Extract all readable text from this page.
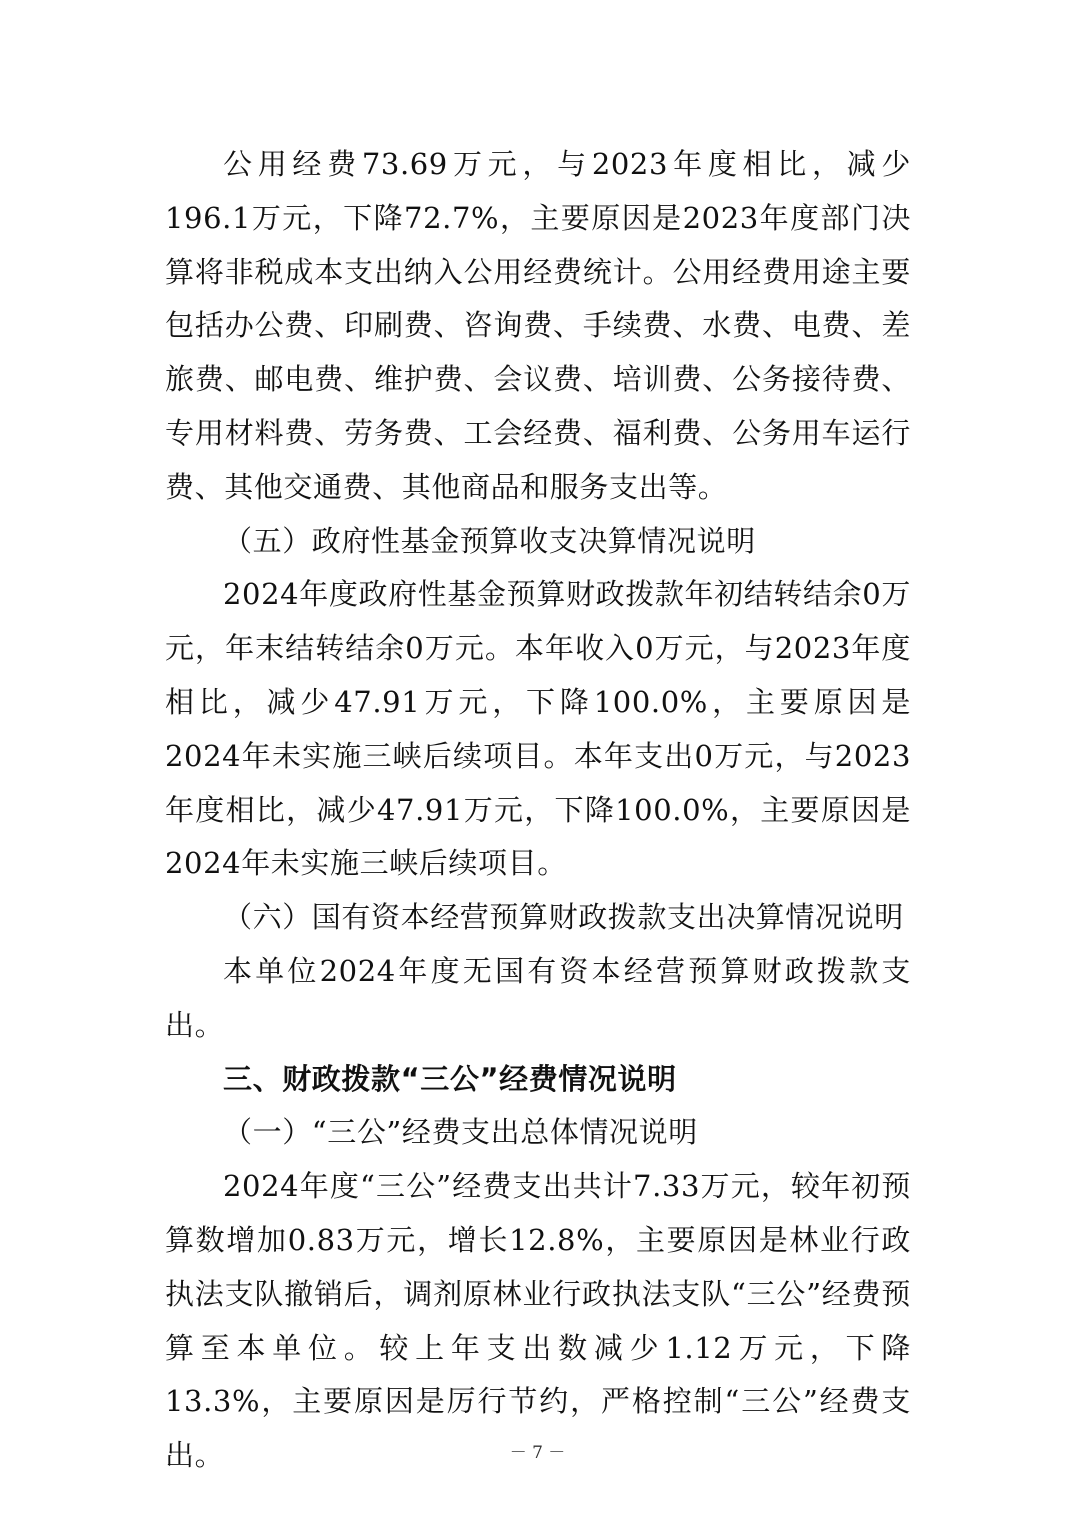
公用经费73.69万元，与2023年度相比，减少196.1万元，下降72.7%，主要原因是2023年度部门决算将非税成本支出纳入公用经费统计。公用经费用途主要包括办公费、印刷费、咨询费、手续费、水费、电费、差旅费、邮电费、维护费、会议费、培训费、公务接待费、专用材料费、劳务费、工会经费、福利费、公务用车运行费、其他交通费、其他商品和服务支出等。

（五）政府性基金预算收支决算情况说明

2024年度政府性基金预算财政拨款年初结转结余0万元，年末结转结余0万元。本年收入0万元，与2023年度相比，减少47.91万元，下降100.0%，主要原因是2024年未实施三峡后续项目。本年支出0万元，与2023年度相比，减少47.91万元，下降100.0%，主要原因是2024年未实施三峡后续项目。

（六）国有资本经营预算财政拨款支出决算情况说明

本单位2024年度无国有资本经营预算财政拨款支出。

三、财政拨款“三公”经费情况说明

（一）“三公”经费支出总体情况说明

2024年度“三公”经费支出共计7.33万元，较年初预算数增加0.83万元，增长12.8%，主要原因是林业行政执法支队撤销后，调剂原林业行政执法支队“三公”经费预算至本单位。较上年支出数减少1.12万元，下降13.3%，主要原因是厉行节约，严格控制“三公”经费支出。	－ 7 －
